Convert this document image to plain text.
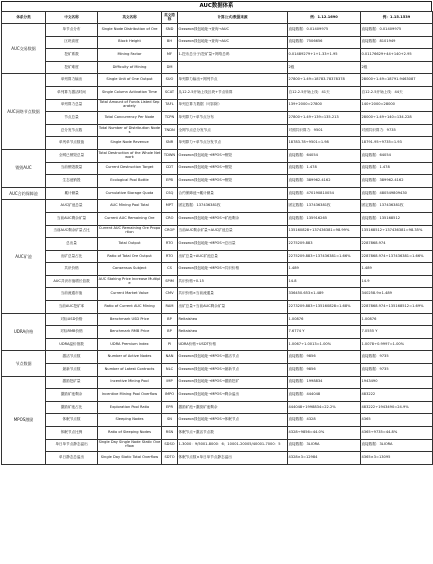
AUC数据体系
体系分类	中文名称	英文名称	英文简称	计算公式/数据来源	例：1.12.1690	例：1.15.1539
AUC交易数据	单节点分布	Single Node Distribution of Ore	SND	Oxsseon钱包地址→查询→AUC	直接数据：0.01409975	直接数据：0.01409975
	区块高度	Block Height	BH	Oxsseon钱包地址→查询→AUC	直接数据：7506656	直接数据：8101949
	挖矿系数	Mining Factor	MF	1-挖币总分子/挖矿量÷网络总码	0.01489279+1+1.33+1.95	0.01176629+44+140+2.95
	挖矿难度	Difficulty of Mining	DM		2级	2级
AUC网络节点数据	单列算力输出	Single Unit of One Output	SUO	单列算力输出÷网列节点	27800÷1.49=18783.78378378	28000÷1.49=18791.9463087
	单列算力激活时间	Single Column Activation Time	SCAT	从12.2.5开始上线区块+节点转算	自12.2.5开始上线：41天	自12.2.5开始上线：44天
	单列算力总量	Total Amount of Funds Listed Separately	TAFL	单列总算力数据（可扣除）	139+2000=27800	140+2000=28000
	节点总量	Total Concurrency Per Node	TCPN	单列算力÷单节点分布	27800÷1.49÷139=135.213	28000÷1.49÷140=134.228
	总分发节点数	Total Number of Distribution Nodes	TNDN	全网节点总分发节点	对照共识算力：9501	对照共识算力：9735
	单列单节点数值	Single Node Revenue	SNR	单列算力÷单节点分发节点	18783.78÷9501=1.98	18791.95÷9735=1.93
销毁AUC	全网已销毁总量	Total Destruction of the Whole Network	TDWN	Oxsseon钱包地址→MPOS→销毁	直接数据：64054	直接数据：64054
	当前销毁数量	Current Destruction Target	CDT	Oxsseon钱包地址→MPOS→销毁	直接数据：1.478	直接数据：1.478
	生态池销毁	Ecological Pool Bottle	EPB	Oxsseon钱包地址→MPOS→销毁	直接数据：389962.4162	直接数据：389962.4162
AUC合约保障池	累计储量	Cumulative Storage Quota	CSQ	合约保障池→累计储量	直接数据：470190810054	直接数据：480549809430
AUC矿池	AUC矿池总量	AUC Mining Pool Total	MPT	固定数据：137436381枚	固定数据：137436381枚	固定数据：137436381枚
	当前AUC剩余矿量	Current AUC Remaining Ore	CRO	Oxsseon钱包地址→MPOS→矿池剩余	直接数据：135916265	直接数据：135168512
	当前AUC剩余矿量占比	Current AUC Remaining Ore Proportion	CROP	当前AUC剩余矿量÷AUC矿池总量	135160828÷137436381=98.99%	135168512÷137436381=98.35%
	总出量	Total Output	RTO	Oxsseon钱包地址→MPOS→总出量	2275209.883	2287868.974
	出矿总量占比	Ratio of Total Ore Output	RTO	出矿总量÷AUC矿池总量	2275209.883÷137436381=1.66%	2287868.974÷137436381=1.66%
	共识价格	Consensus Subject	CS	Oxsseon钱包地址→MPOS→共识价格	1.489	1.489
	AUC共识市值增长倍数	AUC Staking Price Increase Multiple	SPIM	共识价格÷0.15	14.8	14.9
	当前流通市值	Current Market Value	CMV	共识价格×当前流通量	336450.653×1.489	340258.9×1.489
	当前AUC挖矿率	Ratio of Current AUC Mining	RAM	出矿总量÷当前AUC剩余矿量	2273209.883÷135160828=1.68%	2287868.974÷135168512=1.69%
UDRA价格	对标USD价格	Benchmark USD Price	BP	Reitaisheo	1.00876	1.00876
	对标RMB价格	Benchmark RMB Price	BP	Reitaisheo	7.6774 Y	7.0555 Y
	UDRA溢价指数	UDRA Premium Index	PI	UDRA价格÷USDT价格	1.0067÷1.0013=1.00%	1.0078÷0.9997=1.00%
节点数据	激活节点数	Number of Active Nodes	NAN	Oxsseon钱包地址→MPOS→激活节点	直接数据：9856	直接数据：9735
	最新节点数	Number of Latest Contracts	NLC	Oxsseon钱包地址→MPOS→最新节点	直接数据：9856	直接数据：9735
MPOS激励	激励挖矿量	Incentive Mining Pool	IMP	Oxsseon钱包地址→MPOS→激励挖矿	直接数据：1998834	1943490
	激励矿池剩余	Incentive Mining Pool Overflow	IMPO	Oxsseon钱包地址→MPOS→剩余溢出	直接数据：444048	483222
	激励矿池占比	Exploration Pool Ratio	EPR	激励矿池÷激励矿池剩余	444048÷1998834=22.2%	483222÷1943490=24.9%
	休眠节点数	Sleeping Nodes	SN	Oxsseon钱包地址→MPOS→休眠节点	直接数据：4328	4365
	休眠节点比例	Ratio of Sleeping Nodes	RSN	休眠节点÷激活节点数	4328÷9856=44.0%	4365÷9735=44.8%
	单日单节点静态溢出	Single Day Single Node Static Overflow	SDSO	1-3000：9/5001-8000：6；10001-20005/40001-7000：5	直接数据：3LIORA	直接数据：3LIORA
	单日静态总溢出	Single Day Static Total Overflow	SDTO	休眠节点数×单日单节点静态溢出	4328×3=12984	4365×3=13095
